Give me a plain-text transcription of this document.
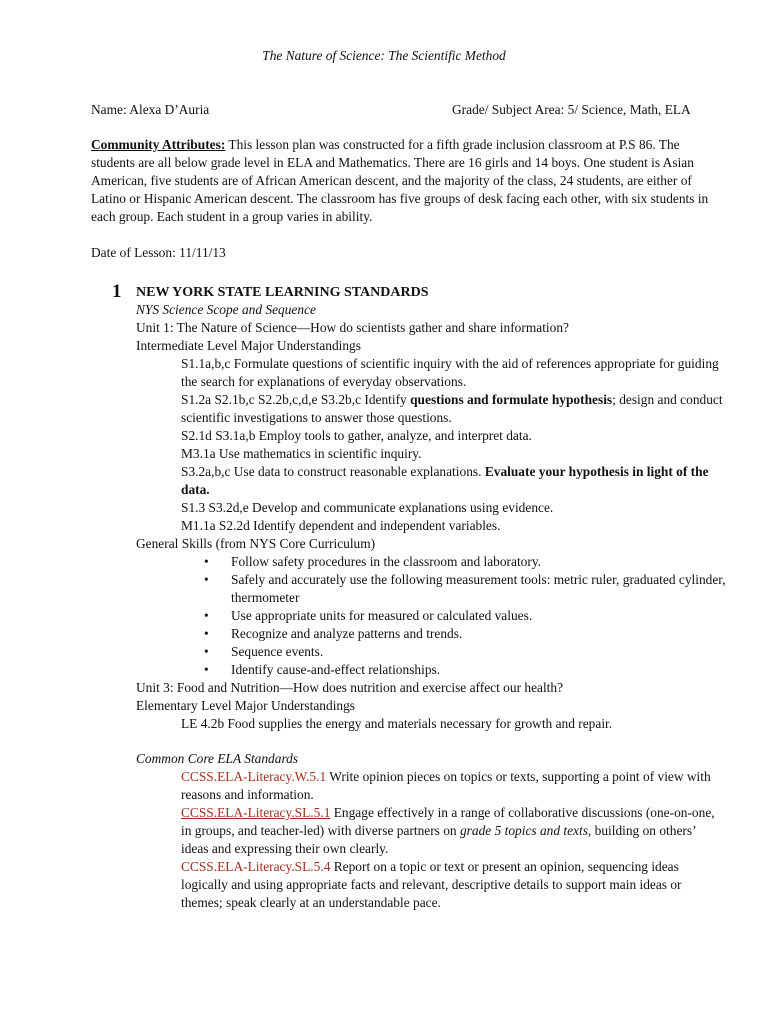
The Nature of Science: The Scientific Method
Name: Alexa D’Auria	Grade/ Subject Area: 5/ Science, Math, ELA
Community Attributes: This lesson plan was constructed for a fifth grade inclusion classroom at P.S 86. The students are all below grade level in ELA and Mathematics. There are 16 girls and 14 boys. One student is Asian American, five students are of African American descent, and the majority of the class, 24 students, are either of Latino or Hispanic American descent. The classroom has five groups of desk facing each other, with six students in each group. Each student in a group varies in ability.
Date of Lesson: 11/11/13
1 NEW YORK STATE LEARNING STANDARDS
NYS Science Scope and Sequence
Unit 1: The Nature of Science—How do scientists gather and share information?
Intermediate Level Major Understandings
S1.1a,b,c Formulate questions of scientific inquiry with the aid of references appropriate for guiding the search for explanations of everyday observations.
S1.2a S2.1b,c S2.2b,c,d,e S3.2b,c Identify questions and formulate hypothesis; design and conduct scientific investigations to answer those questions.
S2.1d S3.1a,b Employ tools to gather, analyze, and interpret data.
M3.1a Use mathematics in scientific inquiry.
S3.2a,b,c Use data to construct reasonable explanations. Evaluate your hypothesis in light of the data.
S1.3 S3.2d,e Develop and communicate explanations using evidence.
M1.1a S2.2d Identify dependent and independent variables.
General Skills (from NYS Core Curriculum)
• Follow safety procedures in the classroom and laboratory.
• Safely and accurately use the following measurement tools: metric ruler, graduated cylinder, thermometer
• Use appropriate units for measured or calculated values.
• Recognize and analyze patterns and trends.
• Sequence events.
• Identify cause-and-effect relationships.
Unit 3: Food and Nutrition—How does nutrition and exercise affect our health?
Elementary Level Major Understandings
LE 4.2b Food supplies the energy and materials necessary for growth and repair.
Common Core ELA Standards
CCSS.ELA-Literacy.W.5.1 Write opinion pieces on topics or texts, supporting a point of view with reasons and information.
CCSS.ELA-Literacy.SL.5.1 Engage effectively in a range of collaborative discussions (one-on-one, in groups, and teacher-led) with diverse partners on grade 5 topics and texts, building on others’ ideas and expressing their own clearly.
CCSS.ELA-Literacy.SL.5.4 Report on a topic or text or present an opinion, sequencing ideas logically and using appropriate facts and relevant, descriptive details to support main ideas or themes; speak clearly at an understandable pace.
